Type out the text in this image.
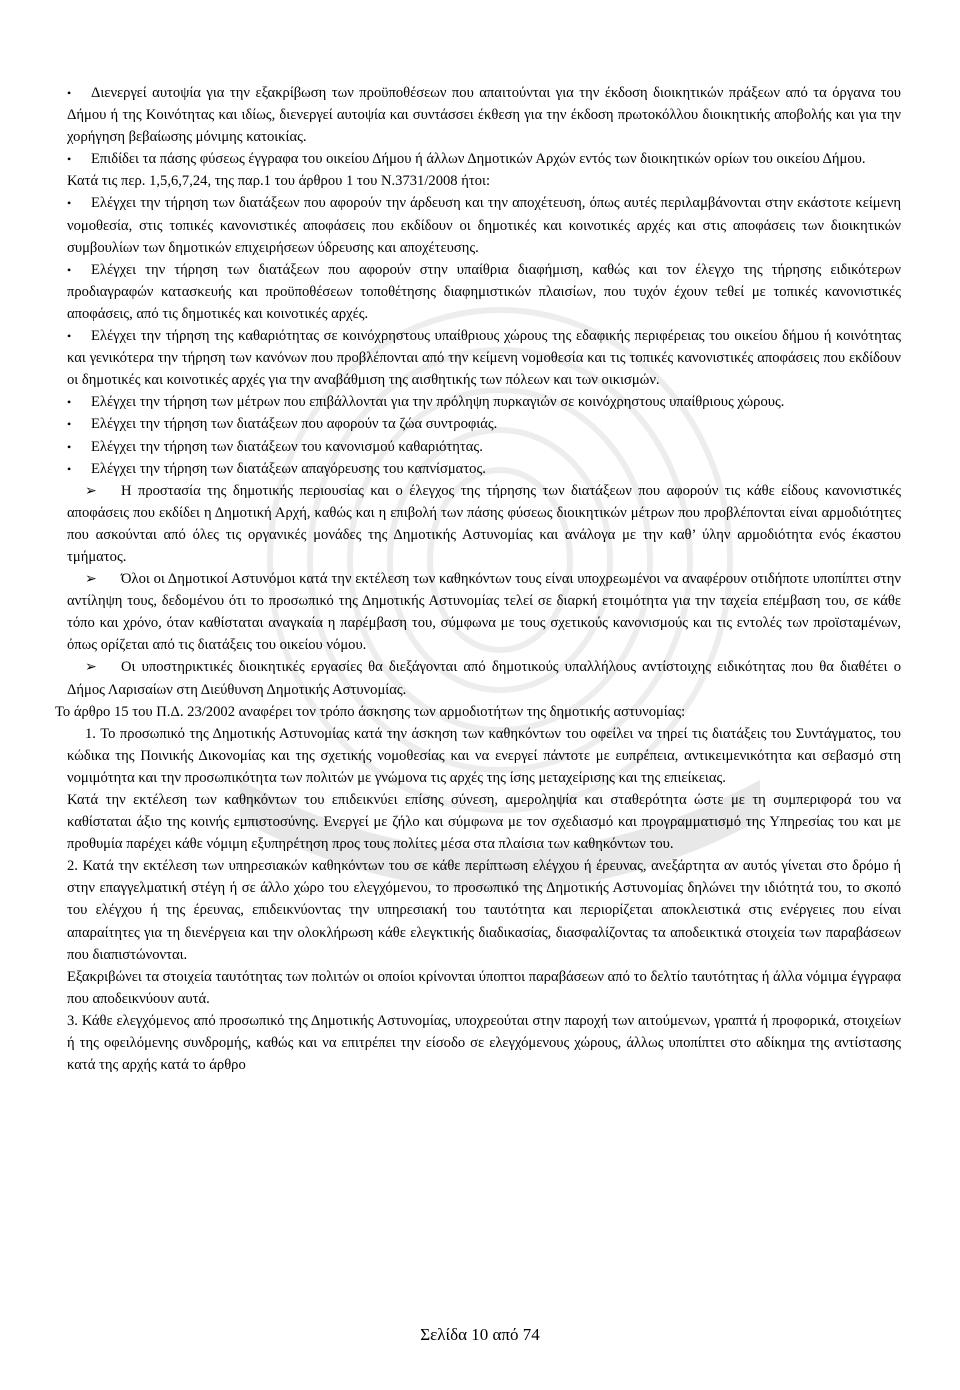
• Διενεργεί αυτοψία για την εξακρίβωση των προϋποθέσεων που απαιτούνται για την έκδοση διοικητικών πράξεων από τα όργανα του Δήμου ή της Κοινότητας και ιδίως, διενεργεί αυτοψία και συντάσσει έκθεση για την έκδοση πρωτοκόλλου διοικητικής αποβολής και για την χορήγηση βεβαίωσης μόνιμης κατοικίας.

• Επιδίδει τα πάσης φύσεως έγγραφα του οικείου Δήμου ή άλλων Δημοτικών Αρχών εντός των διοικητικών ορίων του οικείου Δήμου.

Κατά τις περ. 1,5,6,7,24, της παρ.1 του άρθρου 1 του Ν.3731/2008 ήτοι:

• Ελέγχει την τήρηση των διατάξεων που αφορούν την άρδευση και την αποχέτευση, όπως αυτές περιλαμβάνονται στην εκάστοτε κείμενη νομοθεσία, στις τοπικές κανονιστικές αποφάσεις που εκδίδουν οι δημοτικές και κοινοτικές αρχές και στις αποφάσεις των διοικητικών συμβουλίων των δημοτικών επιχειρήσεων ύδρευσης και αποχέτευσης.

• Ελέγχει την τήρηση των διατάξεων που αφορούν στην υπαίθρια διαφήμιση, καθώς και τον έλεγχο της τήρησης ειδικότερων προδιαγραφών κατασκευής και προϋποθέσεων τοποθέτησης διαφημιστικών πλαισίων, που τυχόν έχουν τεθεί με τοπικές κανονιστικές αποφάσεις, από τις δημοτικές και κοινοτικές αρχές.

• Ελέγχει την τήρηση της καθαριότητας σε κοινόχρηστους υπαίθριους χώρους της εδαφικής περιφέρειας του οικείου δήμου ή κοινότητας και γενικότερα την τήρηση των κανόνων που προβλέπονται από την κείμενη νομοθεσία και τις τοπικές κανονιστικές αποφάσεις που εκδίδουν οι δημοτικές και κοινοτικές αρχές για την αναβάθμιση της αισθητικής των πόλεων και των οικισμών.

• Ελέγχει την τήρηση των μέτρων που επιβάλλονται για την πρόληψη πυρκαγιών σε κοινόχρηστους υπαίθριους χώρους.

• Ελέγχει την τήρηση των διατάξεων που αφορούν τα ζώα συντροφιάς.

• Ελέγχει την τήρηση των διατάξεων του κανονισμού καθαριότητας.

• Ελέγχει την τήρηση των διατάξεων απαγόρευσης του καπνίσματος.

➢ Η προστασία της δημοτικής περιουσίας και ο έλεγχος της τήρησης των διατάξεων που αφορούν τις κάθε είδους κανονιστικές αποφάσεις που εκδίδει η Δημοτική Αρχή, καθώς και η επιβολή των πάσης φύσεως διοικητικών μέτρων που προβλέπονται είναι αρμοδιότητες που ασκούνται από όλες τις οργανικές μονάδες της Δημοτικής Αστυνομίας και ανάλογα με την καθ’ ύλην αρμοδιότητα ενός έκαστου τμήματος.

➢ Όλοι οι Δημοτικοί Αστυνόμοι κατά την εκτέλεση των καθηκόντων τους είναι υποχρεωμένοι να αναφέρουν οτιδήποτε υποπίπτει στην αντίληψη τους, δεδομένου ότι το προσωπικό της Δημοτικής Αστυνομίας τελεί σε διαρκή ετοιμότητα για την ταχεία επέμβαση του, σε κάθε τόπο και χρόνο, όταν καθίσταται αναγκαία η παρέμβαση του, σύμφωνα με τους σχετικούς κανονισμούς και τις εντολές των προϊσταμένων, όπως ορίζεται από τις διατάξεις του οικείου νόμου.

➢ Οι υποστηρικτικές διοικητικές εργασίες θα διεξάγονται από δημοτικούς υπαλλήλους αντίστοιχης ειδικότητας που θα διαθέτει ο Δήμος Λαρισαίων στη Διεύθυνση Δημοτικής Αστυνομίας.

Το άρθρο 15 του Π.Δ. 23/2002 αναφέρει τον τρόπο άσκησης των αρμοδιοτήτων της δημοτικής αστυνομίας:

1. Το προσωπικό της Δημοτικής Αστυνομίας κατά την άσκηση των καθηκόντων του οφείλει να τηρεί τις διατάξεις του Συντάγματος, του κώδικα της Ποινικής Δικονομίας και της σχετικής νομοθεσίας και να ενεργεί πάντοτε με ευπρέπεια, αντικειμενικότητα και σεβασμό στη νομιμότητα και την προσωπικότητα των πολιτών με γνώμονα τις αρχές της ίσης μεταχείρισης και της επιείκειας.

Κατά την εκτέλεση των καθηκόντων του επιδεικνύει επίσης σύνεση, αμεροληψία και σταθερότητα ώστε με τη συμπεριφορά του να καθίσταται άξιο της κοινής εμπιστοσύνης. Ενεργεί με ζήλο και σύμφωνα με τον σχεδιασμό και προγραμματισμό της Υπηρεσίας του και με προθυμία παρέχει κάθε νόμιμη εξυπηρέτηση προς τους πολίτες μέσα στα πλαίσια των καθηκόντων του.

2. Κατά την εκτέλεση των υπηρεσιακών καθηκόντων του σε κάθε περίπτωση ελέγχου ή έρευνας, ανεξάρτητα αν αυτός γίνεται στο δρόμο ή στην επαγγελματική στέγη ή σε άλλο χώρο του ελεγχόμενου, το προσωπικό της Δημοτικής Αστυνομίας δηλώνει την ιδιότητά του, το σκοπό του ελέγχου ή της έρευνας, επιδεικνύοντας την υπηρεσιακή του ταυτότητα και περιορίζεται αποκλειστικά στις ενέργειες που είναι απαραίτητες για τη διενέργεια και την ολοκλήρωση κάθε ελεγκτικής διαδικασίας, διασφαλίζοντας τα αποδεικτικά στοιχεία των παραβάσεων που διαπιστώνονται.

Εξακριβώνει τα στοιχεία ταυτότητας των πολιτών οι οποίοι κρίνονται ύποπτοι παραβάσεων από το δελτίο ταυτότητας ή άλλα νόμιμα έγγραφα που αποδεικνύουν αυτά.

3. Κάθε ελεγχόμενος από προσωπικό της Δημοτικής Αστυνομίας, υποχρεούται στην παροχή των αιτούμενων, γραπτά ή προφορικά, στοιχείων ή της οφειλόμενης συνδρομής, καθώς και να επιτρέπει την είσοδο σε ελεγχόμενους χώρους, άλλως υποπίπτει στο αδίκημα της αντίστασης κατά της αρχής κατά το άρθρο

Σελίδα 10 από 74
